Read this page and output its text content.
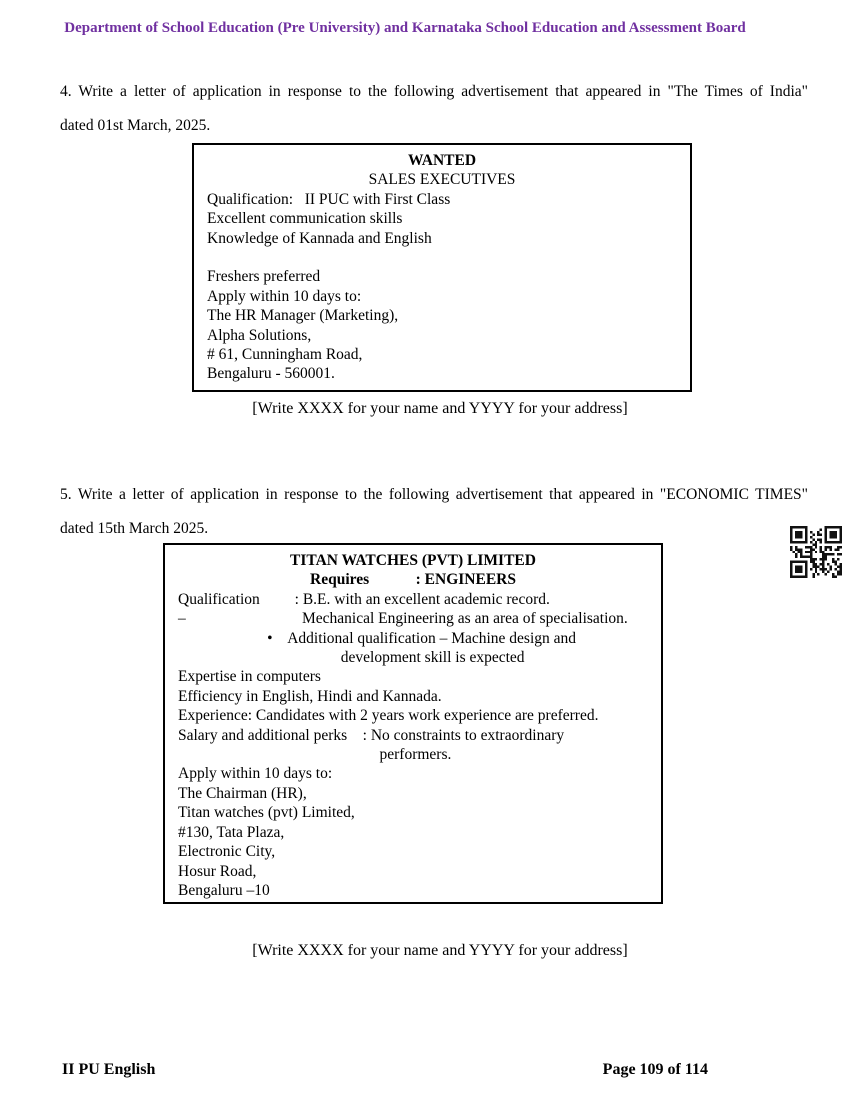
Department of School Education (Pre University) and Karnataka School Education and Assessment Board
4. Write a letter of application in response to the following advertisement that appeared in "The Times of India"
dated 01st March, 2025.
WANTED
SALES EXECUTIVES
Qualification:   II PUC with First Class
Excellent communication skills
Knowledge of Kannada and English

Freshers preferred
Apply within 10 days to:
The HR Manager (Marketing),
Alpha Solutions,
# 61, Cunningham Road,
Bengaluru - 560001.
[Write XXXX for your name and YYYY for your address]
5. Write a letter of application in response to the following advertisement that appeared in "ECONOMIC TIMES"
dated 15th March 2025.
TITAN WATCHES (PVT) LIMITED
Requires            : ENGINEERS
Qualification         : B.E. with an excellent academic record.
–                              Mechanical Engineering as an area of specialisation.
•    Additional qualification – Machine design and
development skill is expected
Expertise in computers
Efficiency in English, Hindi and Kannada.
Experience: Candidates with 2 years work experience are preferred.
Salary and additional perks    : No constraints to extraordinary
performers.
Apply within 10 days to:
The Chairman (HR),
Titan watches (pvt) Limited,
#130, Tata Plaza,
Electronic City,
Hosur Road,
Bengaluru –10
[Write XXXX for your name and YYYY for your address]
II PU English	Page 109 of 114
